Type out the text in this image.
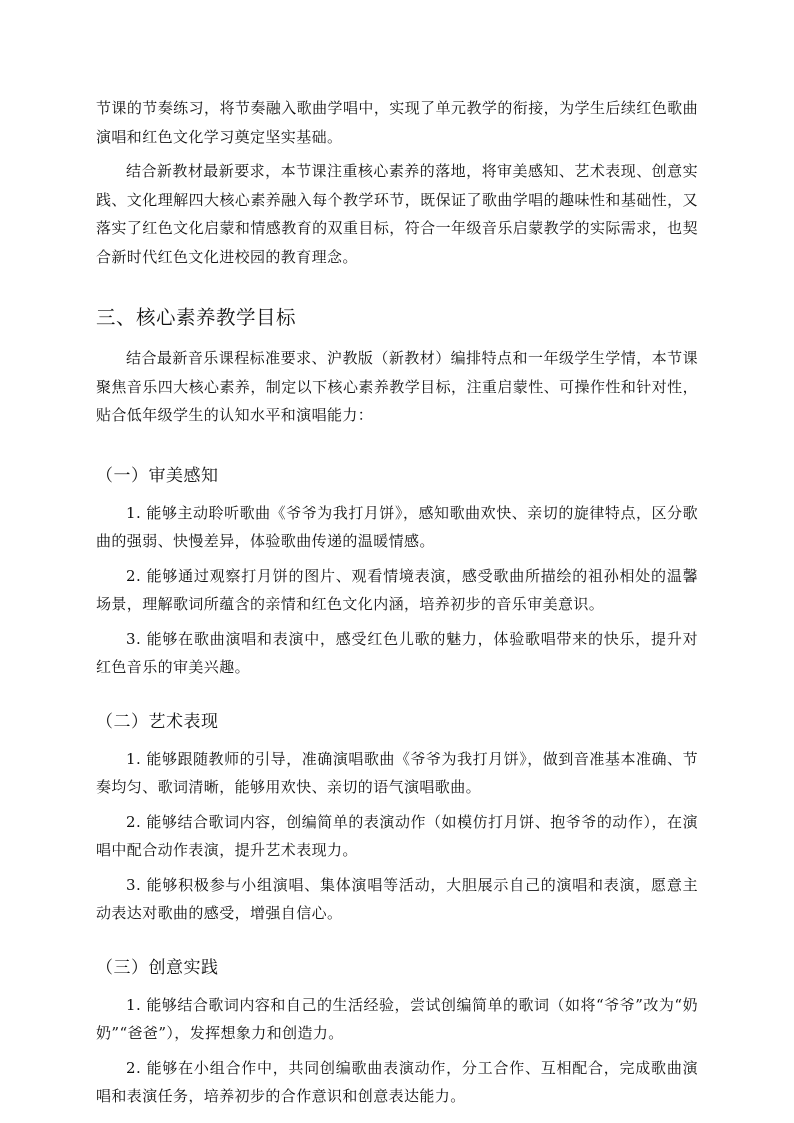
节课的节奏练习，将节奏融入歌曲学唱中，实现了单元教学的衔接，为学生后续红色歌曲演唱和红色文化学习奠定坚实基础。

结合新教材最新要求，本节课注重核心素养的落地，将审美感知、艺术表现、创意实践、文化理解四大核心素养融入每个教学环节，既保证了歌曲学唱的趣味性和基础性，又落实了红色文化启蒙和情感教育的双重目标，符合一年级音乐启蒙教学的实际需求，也契合新时代红色文化进校园的教育理念。

三、核心素养教学目标

结合最新音乐课程标准要求、沪教版（新教材）编排特点和一年级学生学情，本节课聚焦音乐四大核心素养，制定以下核心素养教学目标，注重启蒙性、可操作性和针对性，贴合低年级学生的认知水平和演唱能力：

（一）审美感知

1. 能够主动聆听歌曲《爷爷为我打月饼》，感知歌曲欢快、亲切的旋律特点，区分歌曲的强弱、快慢差异，体验歌曲传递的温暖情感。

2. 能够通过观察打月饼的图片、观看情境表演，感受歌曲所描绘的祖孙相处的温馨场景，理解歌词所蕴含的亲情和红色文化内涵，培养初步的音乐审美意识。

3. 能够在歌曲演唱和表演中，感受红色儿歌的魅力，体验歌唱带来的快乐，提升对红色音乐的审美兴趣。

（二）艺术表现

1. 能够跟随教师的引导，准确演唱歌曲《爷爷为我打月饼》，做到音准基本准确、节奏均匀、歌词清晰，能够用欢快、亲切的语气演唱歌曲。

2. 能够结合歌词内容，创编简单的表演动作（如模仿打月饼、抱爷爷的动作），在演唱中配合动作表演，提升艺术表现力。

3. 能够积极参与小组演唱、集体演唱等活动，大胆展示自己的演唱和表演，愿意主动表达对歌曲的感受，增强自信心。

（三）创意实践

1. 能够结合歌词内容和自己的生活经验，尝试创编简单的歌词（如将“爷爷”改为“奶奶”“爸爸”），发挥想象力和创造力。

2. 能够在小组合作中，共同创编歌曲表演动作，分工合作、互相配合，完成歌曲演唱和表演任务，培养初步的合作意识和创意表达能力。
